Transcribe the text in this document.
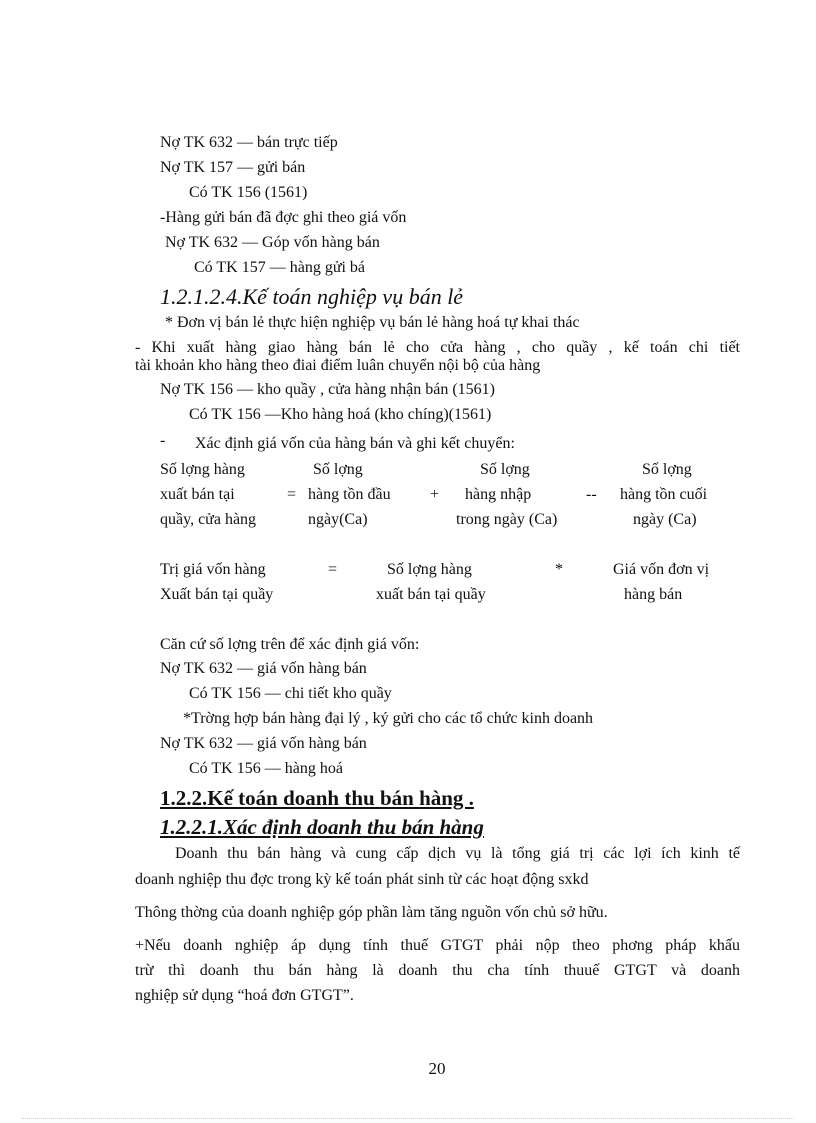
Nợ TK 632 — bán trực tiếp
Nợ TK 157 — gửi bán
Có TK 156 (1561)
-Hàng gửi bán đã đợc ghi theo giá vốn
Nợ TK 632 — Góp vốn hàng bán
Có TK 157 — hàng gửi bá
1.2.1.2.4.Kế toán nghiệp vụ bán lẻ
* Đơn vị bán lẻ thực hiện nghiệp vụ bán lẻ hàng hoá tự khai thác
- Khi xuất hàng giao hàng bán lẻ cho cửa hàng , cho quầy , kế toán chi tiết
tài khoản kho hàng theo điai điểm luân chuyển nội bộ của hàng
Nợ TK 156 — kho quầy , cửa hàng nhận bán (1561)
Có TK 156 —Kho hàng hoá (kho chíng)(1561)
- Xác định giá vốn của hàng bán và ghi kết chuyển:
Số lợng hàng
xuất bán tại
quầy, cửa hàng
=
Số lợng
hàng tồn đầu
ngày(Ca)
+
Số lợng
hàng nhập
trong ngày (Ca)
--
Số lợng
hàng tồn cuối
ngày (Ca)
Trị giá vốn hàng
Xuất bán tại quầy
=	Số lợng hàng
xuất bán tại quầy
*	Giá vốn đơn vị
hàng bán
Căn cứ số lợng trên để xác định giá vốn:
Nợ TK 632 — giá vốn hàng bán
Có TK 156 — chi tiết kho quầy
*Trờng hợp bán hàng đại lý , ký gửi cho các tổ chức kinh doanh
Nợ TK 632 — giá vốn hàng bán
Có TK 156 — hàng hoá
1.2.2.Kế toán doanh thu bán hàng .
1.2.2.1.Xác định doanh thu bán hàng
Doanh thu bán hàng và cung cấp dịch vụ là tổng giá trị các lợi ích kinh tế
doanh nghiệp thu đợc trong kỳ kế toán phát sinh từ các hoạt động sxkd
Thông thờng của doanh nghiệp góp phần làm tăng nguồn vốn chủ sở hữu.
+Nếu doanh nghiệp áp dụng tính thuế GTGT phải nộp theo phơng pháp khấu
trừ thì doanh thu bán hàng là doanh thu cha tính thuuế GTGT và doanh
nghiệp sử dụng “hoá đơn GTGT”.
20
